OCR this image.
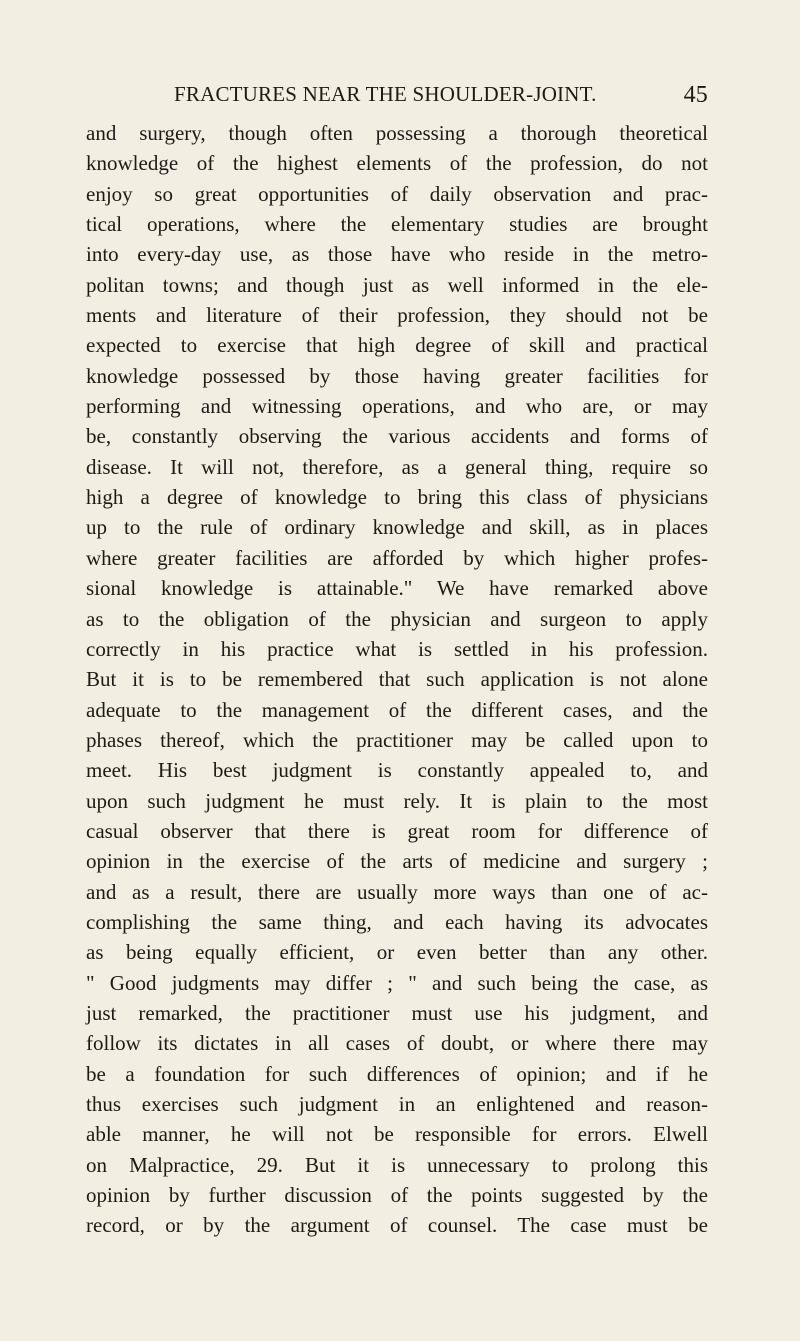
FRACTURES NEAR THE SHOULDER-JOINT.	45
and surgery, though often possessing a thorough theoretical
knowledge of the highest elements of the profession, do not
enjoy so great opportunities of daily observation and prac-
tical operations, where the elementary studies are brought
into every-day use, as those have who reside in the metro-
politan towns; and though just as well informed in the ele-
ments and literature of their profession, they should not be
expected to exercise that high degree of skill and practical
knowledge possessed by those having greater facilities for
performing and witnessing operations, and who are, or may
be, constantly observing the various accidents and forms of
disease. It will not, therefore, as a general thing, require so
high a degree of knowledge to bring this class of physicians
up to the rule of ordinary knowledge and skill, as in places
where greater facilities are afforded by which higher profes-
sional knowledge is attainable." We have remarked above
as to the obligation of the physician and surgeon to apply
correctly in his practice what is settled in his profession.
But it is to be remembered that such application is not alone
adequate to the management of the different cases, and the
phases thereof, which the practitioner may be called upon to
meet. His best judgment is constantly appealed to, and
upon such judgment he must rely. It is plain to the most
casual observer that there is great room for difference of
opinion in the exercise of the arts of medicine and surgery ;
and as a result, there are usually more ways than one of ac-
complishing the same thing, and each having its advocates
as being equally efficient, or even better than any other.
" Good judgments may differ ; " and such being the case, as
just remarked, the practitioner must use his judgment, and
follow its dictates in all cases of doubt, or where there may
be a foundation for such differences of opinion; and if he
thus exercises such judgment in an enlightened and reason-
able manner, he will not be responsible for errors. Elwell
on Malpractice, 29. But it is unnecessary to prolong this
opinion by further discussion of the points suggested by the
record, or by the argument of counsel. The case must be
